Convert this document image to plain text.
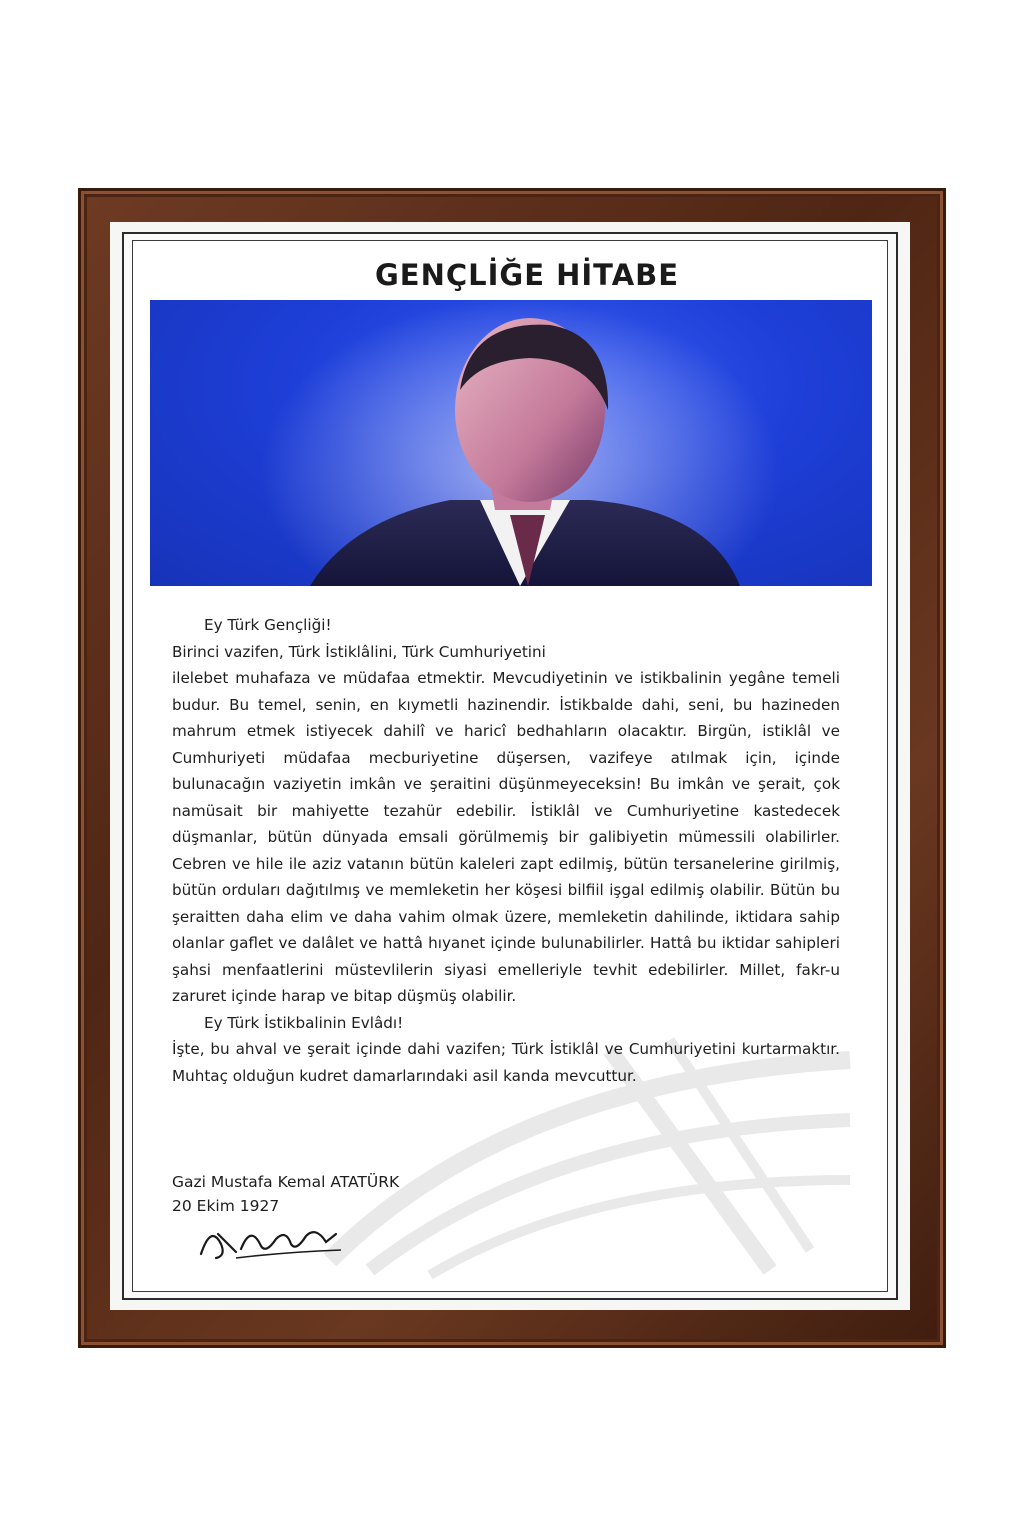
GENÇLİĞE HİTABE

Ey Türk Gençliği!

Birinci vazifen, Türk İstiklâlini, Türk Cumhuriyetini

ilelebet muhafaza ve müdafaa etmektir. Mevcudiyetinin ve istikbalinin yegâne temeli budur. Bu temel, senin, en kıymetli hazinendir. İstikbalde dahi, seni, bu hazineden mahrum etmek istiyecek dahilî ve haricî bedhahların olacaktır. Birgün, istiklâl ve Cumhuriyeti müdafaa mecburiyetine düşersen, vazifeye atılmak için, içinde bulunacağın vaziyetin imkân ve şeraitini düşünmeyeceksin! Bu imkân ve şerait, çok namüsait bir mahiyette tezahür edebilir. İstiklâl ve Cumhuriyetine kastedecek düşmanlar, bütün dünyada emsali görülmemiş bir galibiyetin mümessili olabilirler. Cebren ve hile ile aziz vatanın bütün kaleleri zapt edilmiş, bütün tersanelerine girilmiş, bütün orduları dağıtılmış ve memleketin her köşesi bilfiil işgal edilmiş olabilir. Bütün bu şeraitten daha elim ve daha vahim olmak üzere, memleketin dahilinde, iktidara sahip olanlar gaflet ve dalâlet ve hattâ hıyanet içinde bulunabilirler. Hattâ bu iktidar sahipleri şahsi menfaatlerini müstevlilerin siyasi emelleriyle tevhit edebilirler. Millet, fakr-u zaruret içinde harap ve bitap düşmüş olabilir.

Ey Türk İstikbalinin Evlâdı!

İşte, bu ahval ve şerait içinde dahi vazifen; Türk İstiklâl ve Cumhuriyetini kurtarmaktır. Muhtaç olduğun kudret damarlarındaki asil kanda mevcuttur.

Gazi Mustafa Kemal ATATÜRK
20 Ekim 1927
